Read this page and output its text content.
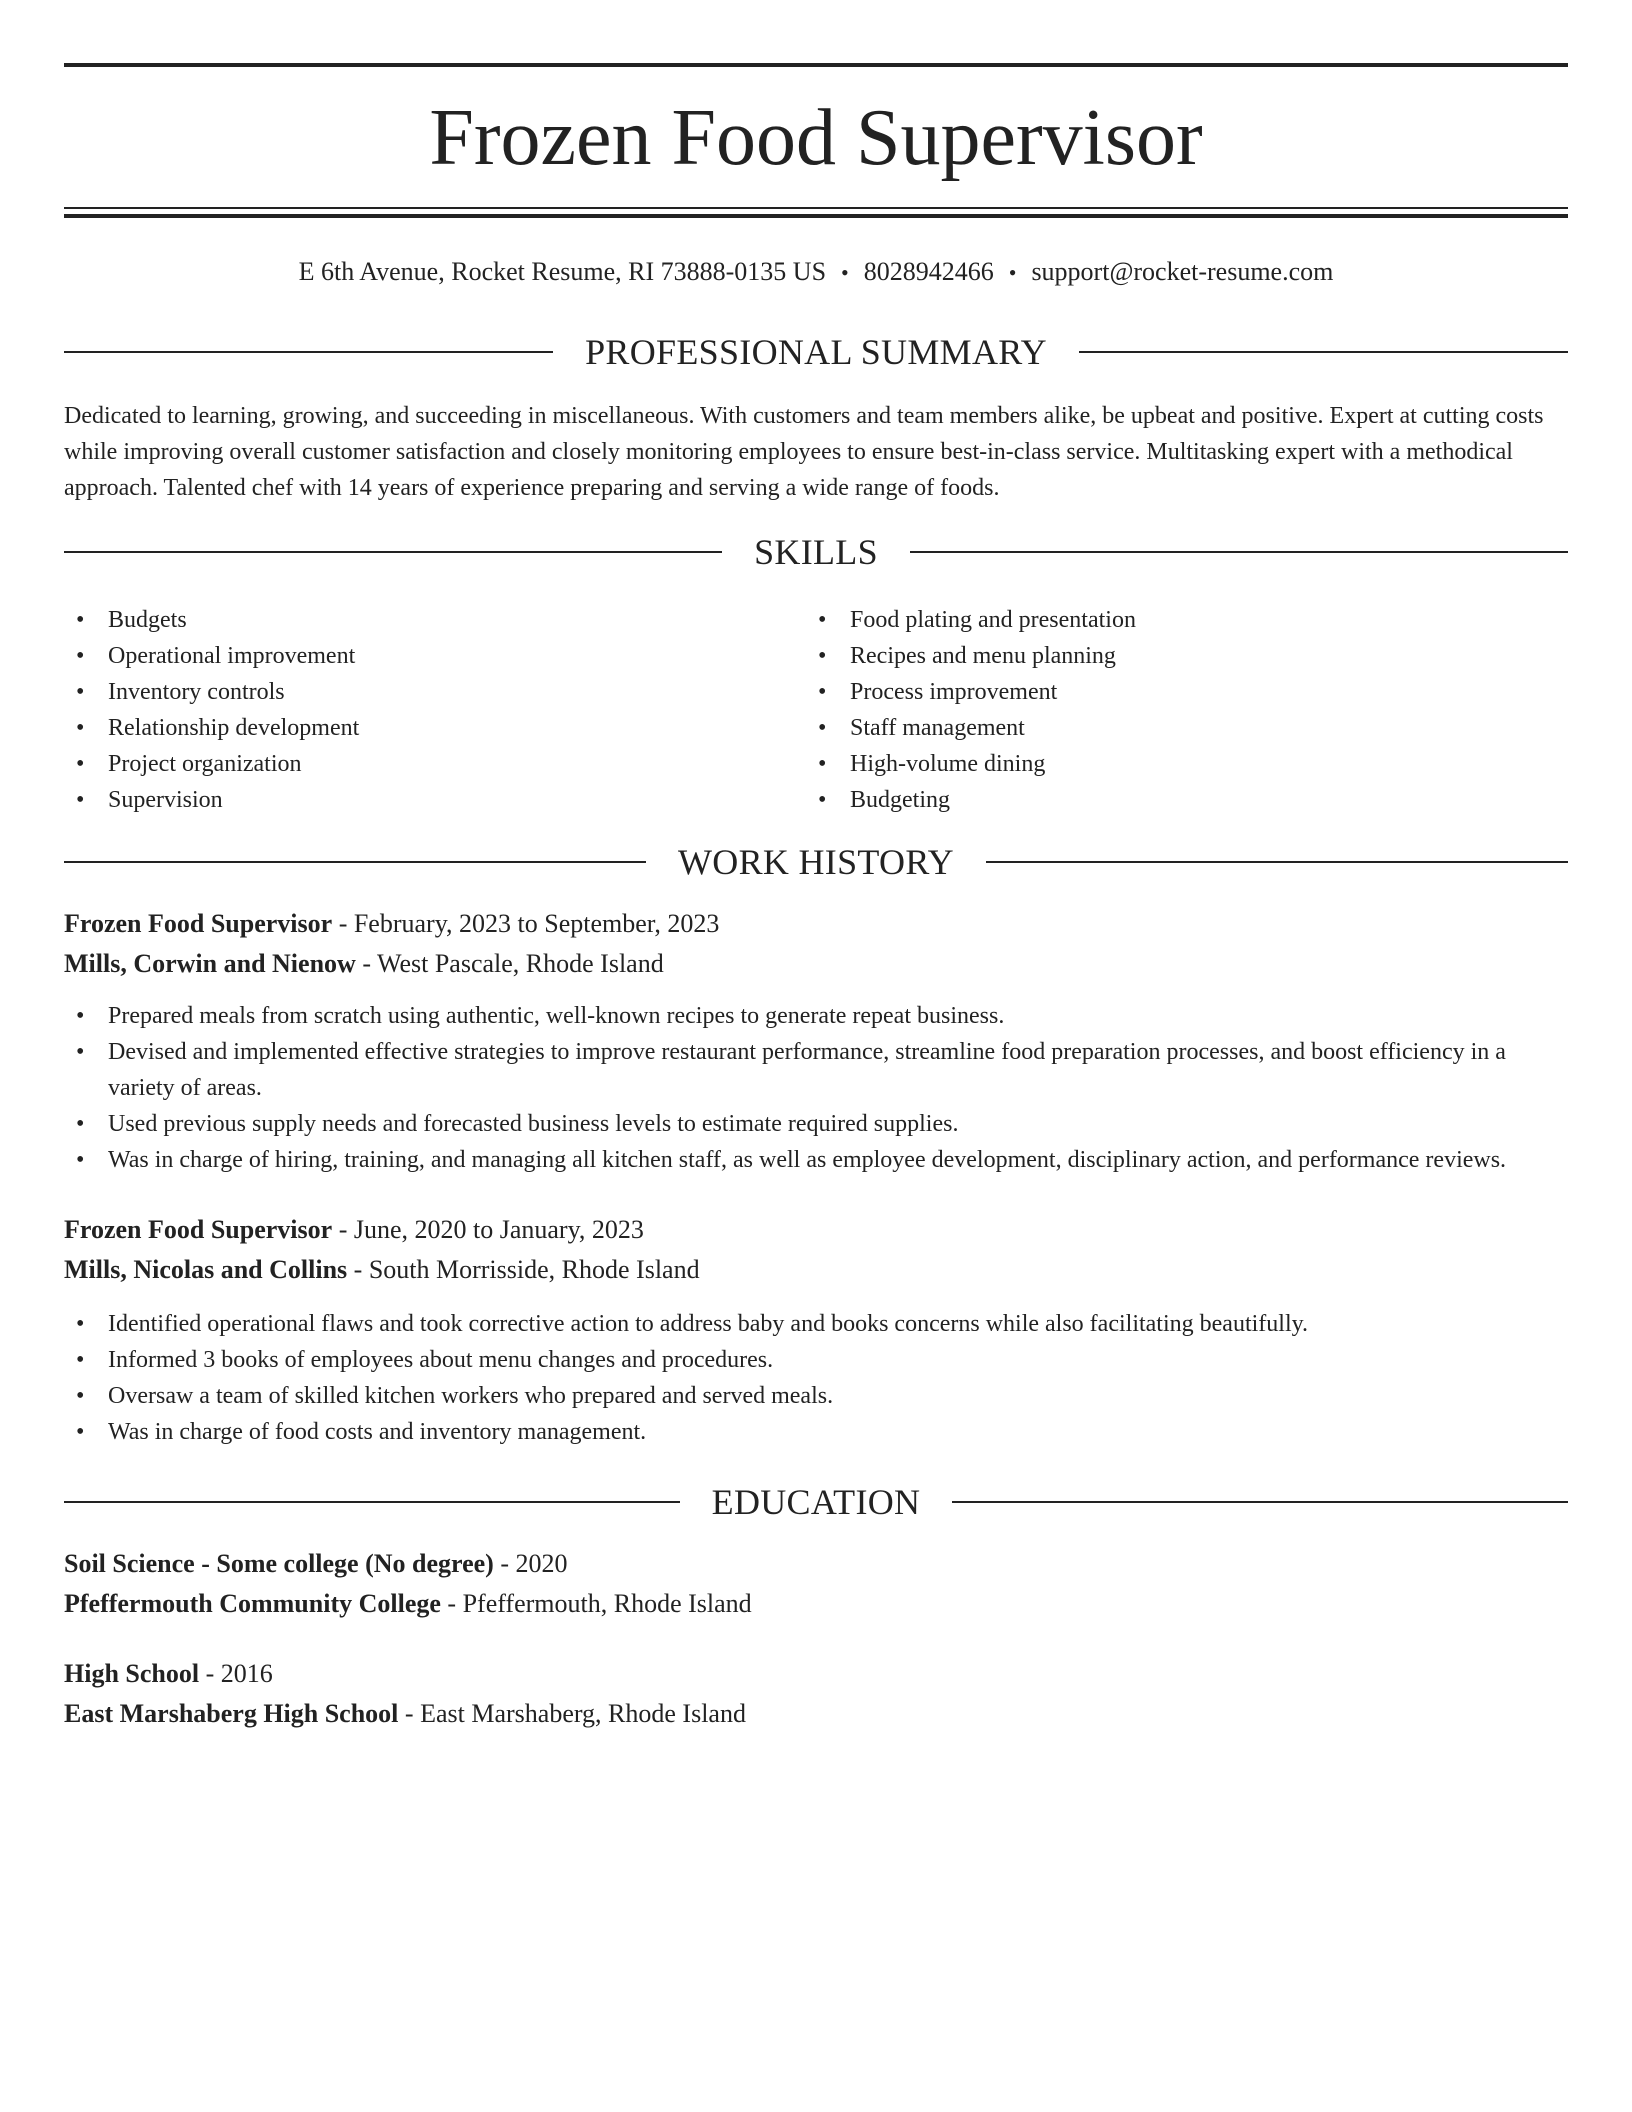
Frozen Food Supervisor
E 6th Avenue, Rocket Resume, RI 73888-0135 US • 8028942466 • support@rocket-resume.com
PROFESSIONAL SUMMARY
Dedicated to learning, growing, and succeeding in miscellaneous. With customers and team members alike, be upbeat and positive. Expert at cutting costs while improving overall customer satisfaction and closely monitoring employees to ensure best-in-class service. Multitasking expert with a methodical approach. Talented chef with 14 years of experience preparing and serving a wide range of foods.
SKILLS
• Budgets
• Operational improvement
• Inventory controls
• Relationship development
• Project organization
• Supervision
• Food plating and presentation
• Recipes and menu planning
• Process improvement
• Staff management
• High-volume dining
• Budgeting
WORK HISTORY
Frozen Food Supervisor - February, 2023 to September, 2023
Mills, Corwin and Nienow - West Pascale, Rhode Island
• Prepared meals from scratch using authentic, well-known recipes to generate repeat business.
• Devised and implemented effective strategies to improve restaurant performance, streamline food preparation processes, and boost efficiency in a variety of areas.
• Used previous supply needs and forecasted business levels to estimate required supplies.
• Was in charge of hiring, training, and managing all kitchen staff, as well as employee development, disciplinary action, and performance reviews.
Frozen Food Supervisor - June, 2020 to January, 2023
Mills, Nicolas and Collins - South Morrisside, Rhode Island
• Identified operational flaws and took corrective action to address baby and books concerns while also facilitating beautifully.
• Informed 3 books of employees about menu changes and procedures.
• Oversaw a team of skilled kitchen workers who prepared and served meals.
• Was in charge of food costs and inventory management.
EDUCATION
Soil Science - Some college (No degree) - 2020
Pfeffermouth Community College - Pfeffermouth, Rhode Island
High School - 2016
East Marshaberg High School - East Marshaberg, Rhode Island
